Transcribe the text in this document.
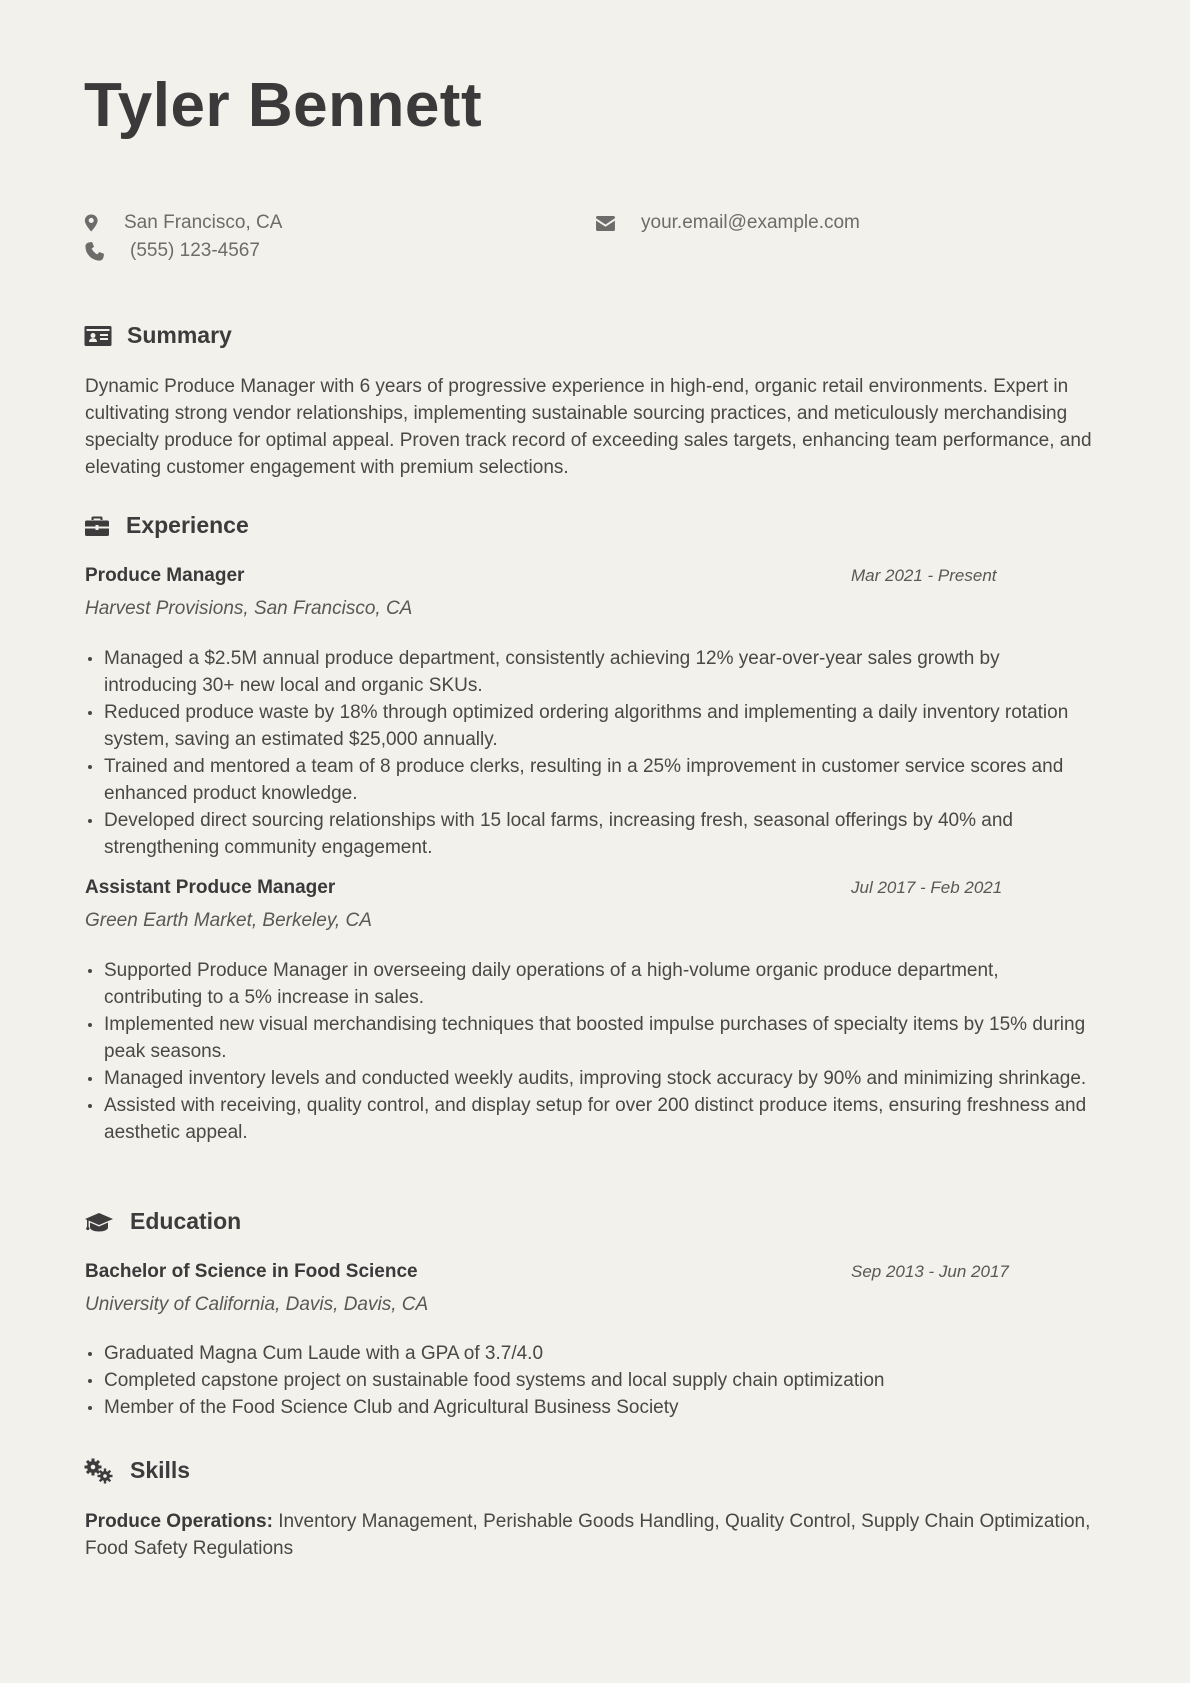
Tyler Bennett
San Francisco, CA
(555) 123-4567
your.email@example.com
Summary

Dynamic Produce Manager with 6 years of progressive experience in high-end, organic retail environments. Expert in cultivating strong vendor relationships, implementing sustainable sourcing practices, and meticulously merchandising specialty produce for optimal appeal. Proven track record of exceeding sales targets, enhancing team performance, and elevating customer engagement with premium selections.

Experience
Produce Manager	Mar 2021 - Present
Harvest Provisions, San Francisco, CA
Managed a $2.5M annual produce department, consistently achieving 12% year-over-year sales growth by introducing 30+ new local and organic SKUs.
Reduced produce waste by 18% through optimized ordering algorithms and implementing a daily inventory rotation system, saving an estimated $25,000 annually.
Trained and mentored a team of 8 produce clerks, resulting in a 25% improvement in customer service scores and enhanced product knowledge.
Developed direct sourcing relationships with 15 local farms, increasing fresh, seasonal offerings by 40% and strengthening community engagement.
Assistant Produce Manager	Jul 2017 - Feb 2021
Green Earth Market, Berkeley, CA
Supported Produce Manager in overseeing daily operations of a high-volume organic produce department, contributing to a 5% increase in sales.
Implemented new visual merchandising techniques that boosted impulse purchases of specialty items by 15% during peak seasons.
Managed inventory levels and conducted weekly audits, improving stock accuracy by 90% and minimizing shrinkage.
Assisted with receiving, quality control, and display setup for over 200 distinct produce items, ensuring freshness and aesthetic appeal.
Education
Bachelor of Science in Food Science	Sep 2013 - Jun 2017
University of California, Davis, Davis, CA
Graduated Magna Cum Laude with a GPA of 3.7/4.0
Completed capstone project on sustainable food systems and local supply chain optimization
Member of the Food Science Club and Agricultural Business Society
Skills

Produce Operations: Inventory Management, Perishable Goods Handling, Quality Control, Supply Chain Optimization, Food Safety Regulations
